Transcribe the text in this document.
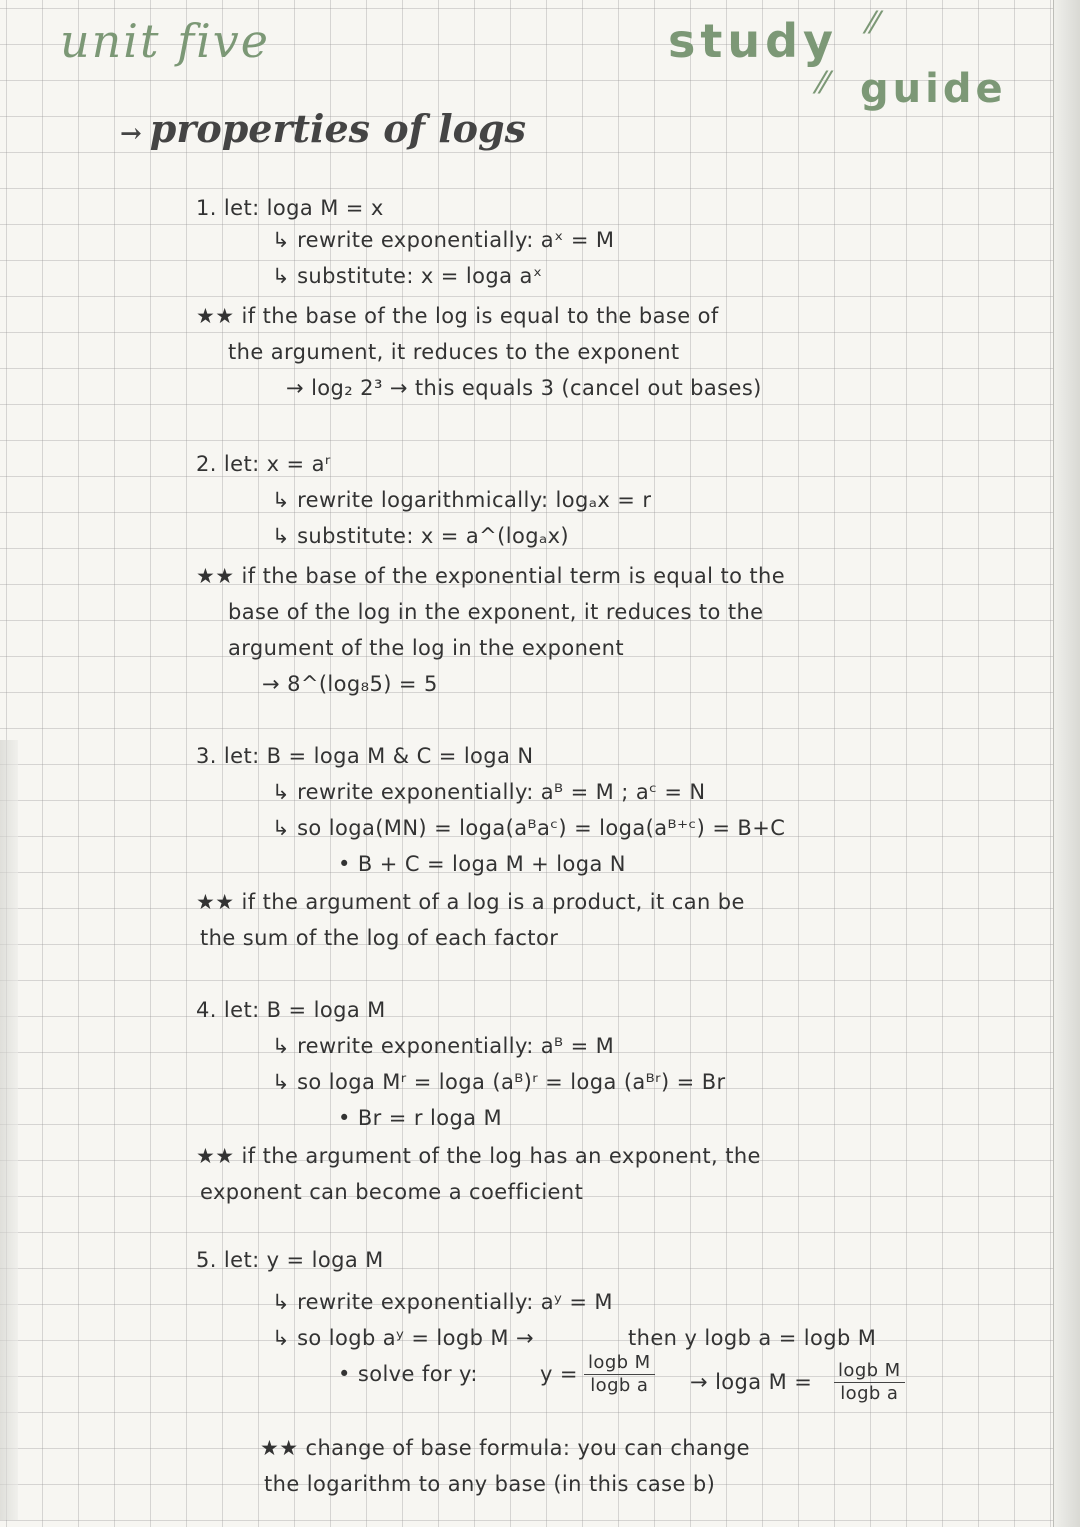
unit five	study ⁄⁄
⁄⁄ guide
→ properties of logs
1. let: loga M = x
↳ rewrite exponentially: aˣ = M
↳ substitute: x = loga aˣ
★★ if the base of the log is equal to the base of
the argument, it reduces to the exponent
→ log₂ 2³ → this equals 3 (cancel out bases)
2. let: x = aʳ
↳ rewrite logarithmically: logₐx = r
↳ substitute: x = a^(logₐx)
★★ if the base of the exponential term is equal to the
base of the log in the exponent, it reduces to the
argument of the log in the exponent
→ 8^(log₈5) = 5
3. let: B = loga M & C = loga N
↳ rewrite exponentially: aᴮ = M ; aᶜ = N
↳ so loga(MN) = loga(aᴮaᶜ) = loga(aᴮ⁺ᶜ) = B+C
• B + C = loga M + loga N
★★ if the argument of a log is a product, it can be
the sum of the log of each factor
4. let: B = loga M
↳ rewrite exponentially: aᴮ = M
↳ so loga Mʳ = loga (aᴮ)ʳ = loga (aᴮʳ) = Br
• Br = r loga M
★★ if the argument of the log has an exponent, the
exponent can become a coefficient
5. let: y = loga M
↳ rewrite exponentially: aʸ = M
↳ so logb aʸ = logb M →	then y logb a = logb M
• solve for y:	$y = \frac{\text{logb M}}{\text{logb a}} \to \log a$ $M = \frac{\text{logb M}}{\text{logb a}}$
★★ change of base formula: you can change
the logarithm to any base (in this case b)
